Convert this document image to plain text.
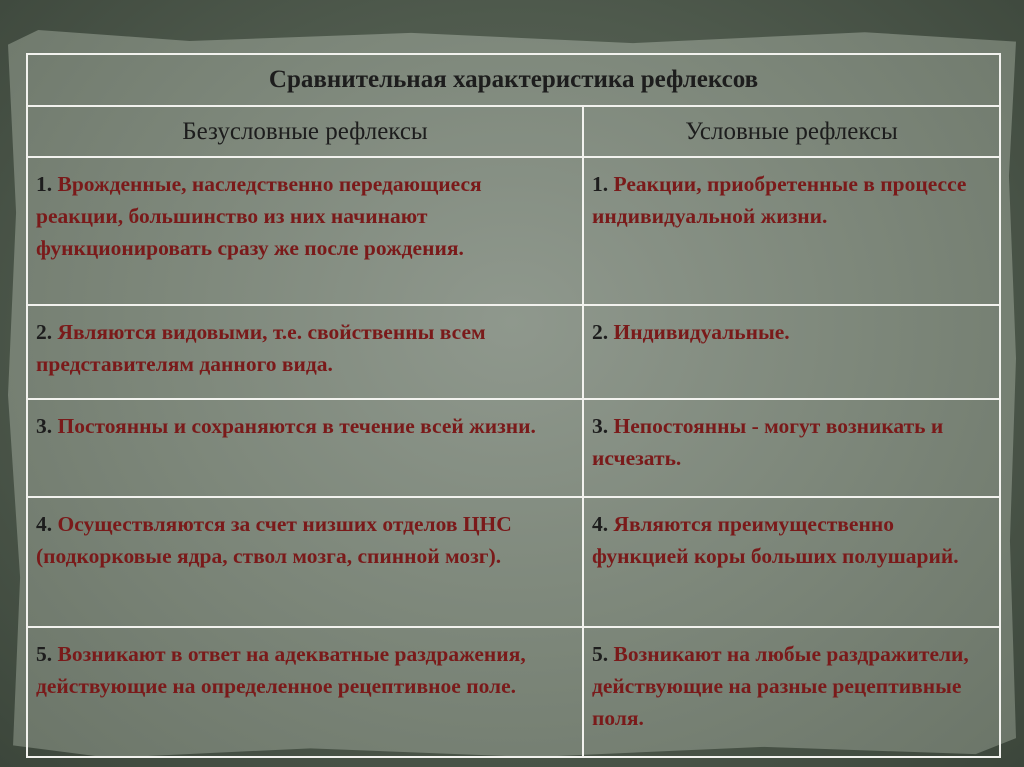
Сравнительная характеристика рефлексов	
Безусловные рефлексы	Условные рефлексы
1. Врожденные, наследственно передающиеся реакции, большинство из них начинают функционировать сразу же после рождения.	1. Реакции, приобретенные в процессе индивидуальной жизни.
2. Являются видовыми, т.е. свойственны всем представителям данного вида.	2. Индивидуальные.
3. Постоянны и сохраняются в течение всей жизни.	3. Непостоянны - могут возникать и исчезать.
4. Осуществляются за счет низших отделов ЦНС (подкорковые ядра, ствол мозга, спинной мозг).	4. Являются преимущественно функцией коры больших полушарий.
5. Возникают в ответ на адекватные раздражения, действующие на определенное рецептивное поле.	5. Возникают на любые раздражители, действующие на разные рецептивные поля.
